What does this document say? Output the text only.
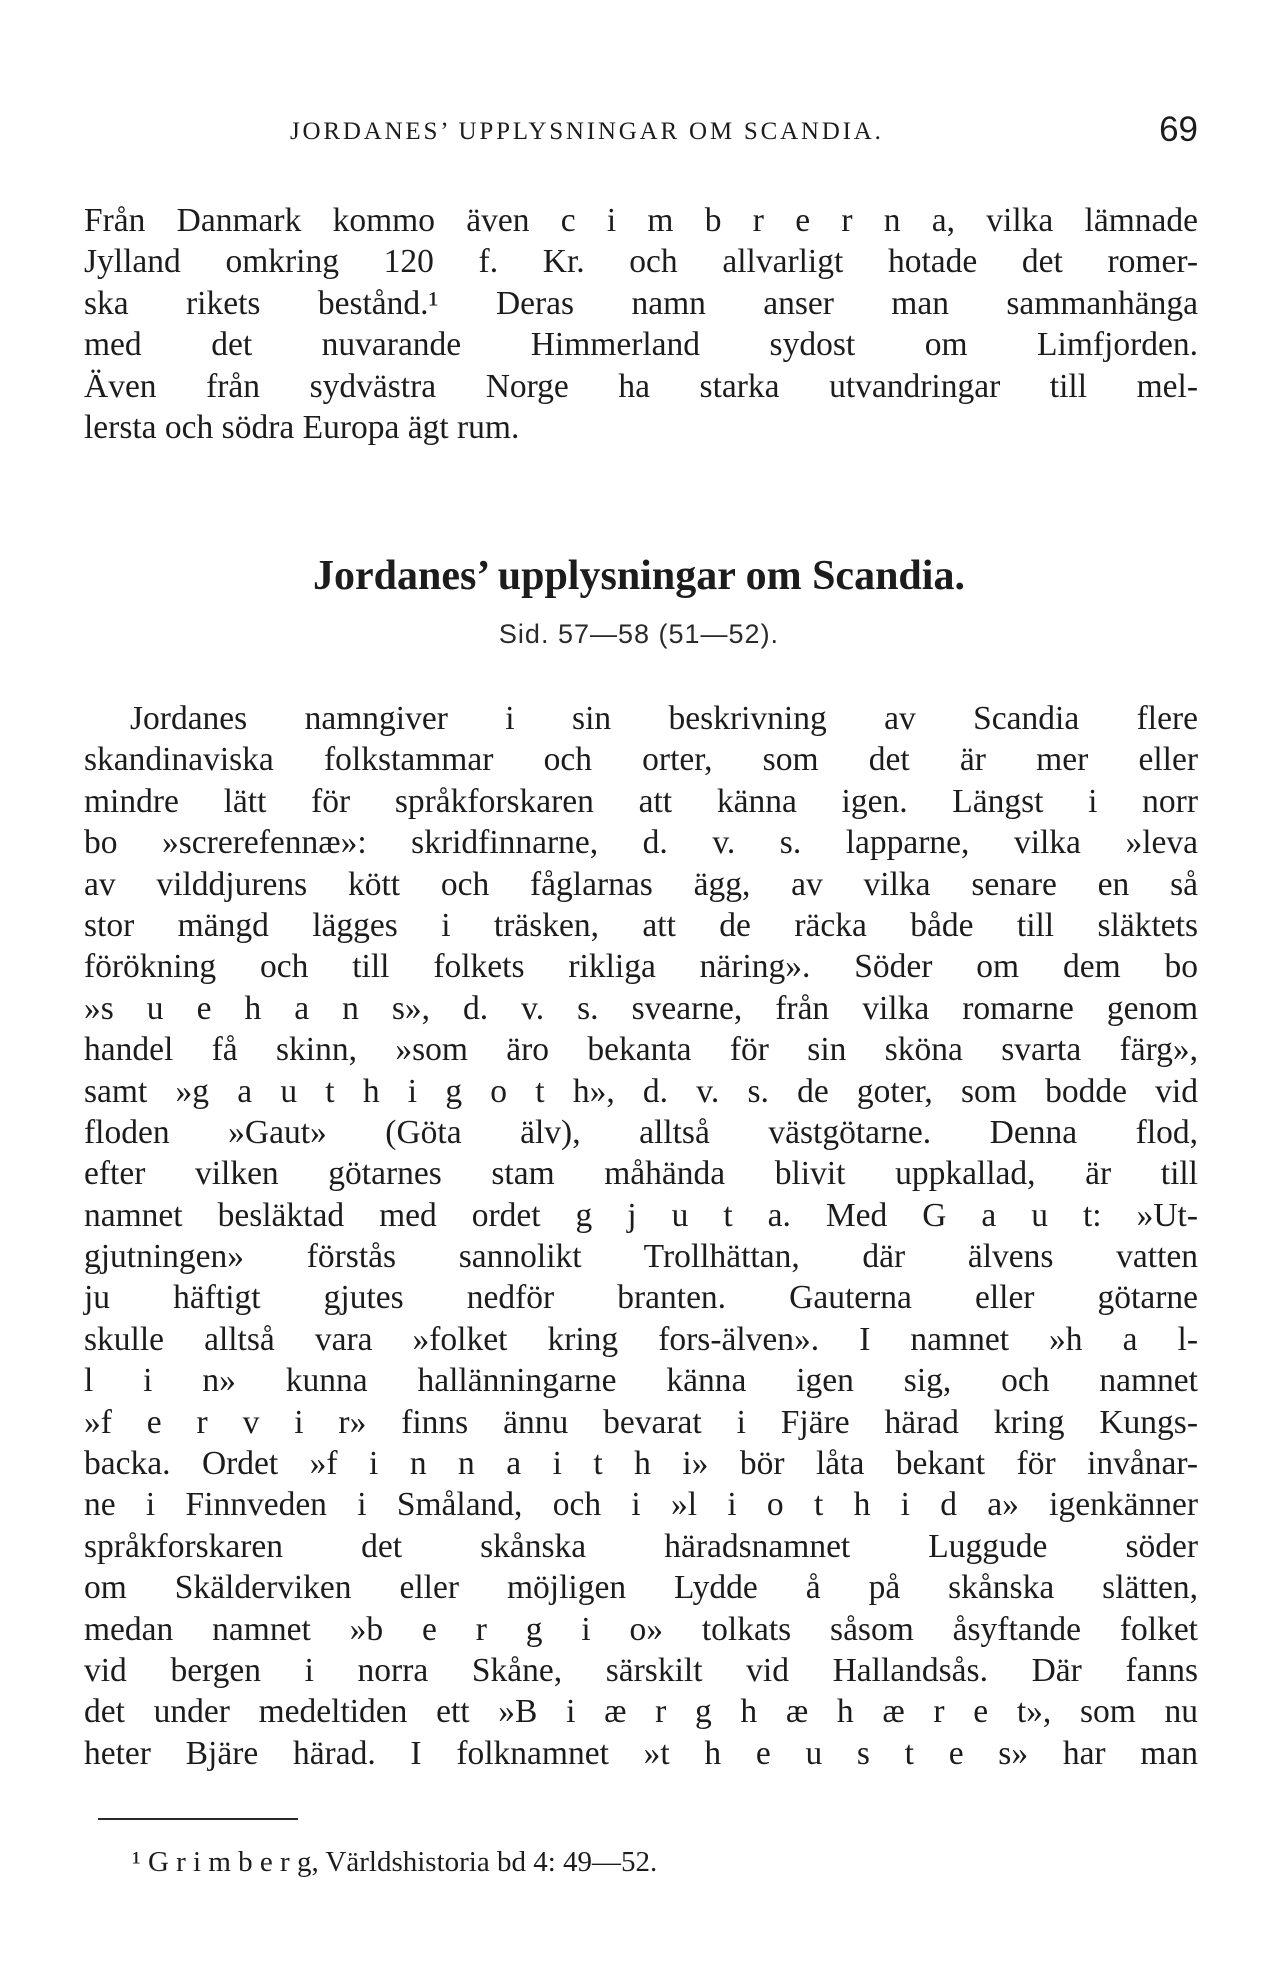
JORDANES’ UPPLYSNINGAR OM SCANDIA.	69
Från Danmark kommo även c i m b r e r n a, vilka lämnade
Jylland omkring 120 f. Kr. och allvarligt hotade det romer-
ska rikets bestånd.¹ Deras namn anser man sammanhänga
med det nuvarande Himmerland sydost om Limfjorden.
Även från sydvästra Norge ha starka utvandringar till mel-
lersta och södra Europa ägt rum.
Jordanes’ upplysningar om Scandia.
Sid. 57—58 (51—52).
Jordanes namngiver i sin beskrivning av Scandia flere
skandinaviska folkstammar och orter, som det är mer eller
mindre lätt för språkforskaren att känna igen. Längst i norr
bo »screrefennæ»: skridfinnarne, d. v. s. lapparne, vilka »leva
av vilddjurens kött och fåglarnas ägg, av vilka senare en så
stor mängd lägges i träsken, att de räcka både till släktets
förökning och till folkets rikliga näring». Söder om dem bo
»s u e h a n s», d. v. s. svearne, från vilka romarne genom
handel få skinn, »som äro bekanta för sin sköna svarta färg»,
samt »g a u t h i g o t h», d. v. s. de goter, som bodde vid
floden »Gaut» (Göta älv), alltså västgötarne. Denna flod,
efter vilken götarnes stam måhända blivit uppkallad, är till
namnet besläktad med ordet g j u t a. Med G a u t: »Ut-
gjutningen» förstås sannolikt Trollhättan, där älvens vatten
ju häftigt gjutes nedför branten. Gauterna eller götarne
skulle alltså vara »folket kring fors-älven». I namnet »h a l-
l i n» kunna hallänningarne känna igen sig, och namnet
»f e r v i r» finns ännu bevarat i Fjäre härad kring Kungs-
backa. Ordet »f i n n a i t h i» bör låta bekant för invånar-
ne i Finnveden i Småland, och i »l i o t h i d a» igenkänner
språkforskaren det skånska häradsnamnet Luggude söder
om Skälderviken eller möjligen Lydde å på skånska slätten,
medan namnet »b e r g i o» tolkats såsom åsyftande folket
vid bergen i norra Skåne, särskilt vid Hallandsås. Där fanns
det under medeltiden ett »B i æ r g h æ h æ r e t», som nu
heter Bjäre härad. I folknamnet »t h e u s t e s» har man
¹ G r i m b e r g, Världshistoria bd 4: 49—52.
